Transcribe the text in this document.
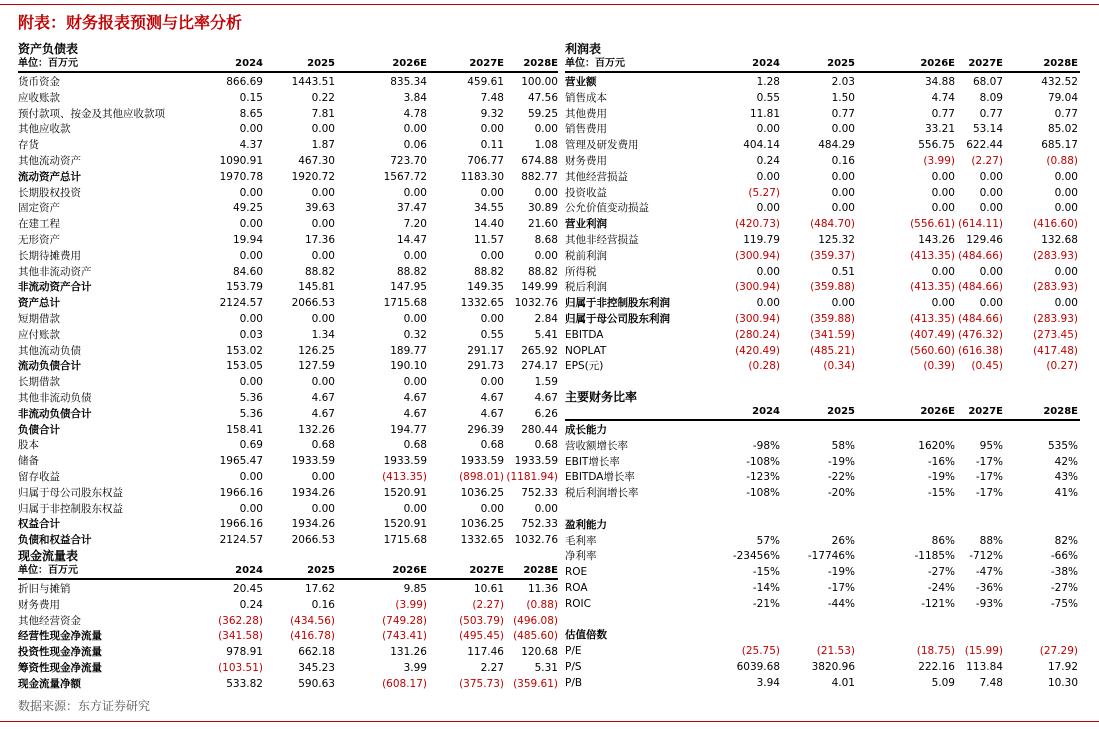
附表：财务报表预测与比率分析
资产负债表
单位：百万元	2024	2025	2026E	2027E 2028E
货币资金	866.69	1443.51	835.34	459.61 100.00
应收账款	0.15	0.22	3.84	7.48 47.56
预付款项、按金及其他应收款项	8.65	7.81	4.78	9.32 59.25
其他应收款	0.00	0.00	0.00	0.00	0.00
存货	4.37	1.87	0.06	0.11	1.08
其他流动资产	1090.91	467.30	723.70	706.77 674.88
流动资产总计	1970.78	1920.72	1567.72	1183.30 882.77
长期股权投资	0.00	0.00	0.00	0.00	0.00
固定资产	49.25	39.63	37.47	34.55 30.89
在建工程	0.00	0.00	7.20	14.40 21.60
无形资产	19.94	17.36	14.47	11.57	8.68
长期待摊费用	0.00	0.00	0.00	0.00	0.00
其他非流动资产	84.60	88.82	88.82	88.82 88.82
非流动资产合计	153.79	145.81	147.95	149.35 149.99
资产总计	2124.57	2066.53	1715.68	1332.65 1032.76
短期借款	0.00	0.00	0.00	0.00	2.84
应付账款	0.03	1.34	0.32	0.55	5.41
其他流动负债	153.02	126.25	189.77	291.17 265.92
流动负债合计	153.05	127.59	190.10	291.73 274.17
长期借款	0.00	0.00	0.00	0.00	1.59
其他非流动负债	5.36	4.67	4.67	4.67	4.67
非流动负债合计	5.36	4.67	4.67	4.67	6.26
负债合计	158.41	132.26	194.77	296.39 280.44
股本	0.69	0.68	0.68	0.68	0.68
储备	1965.47	1933.59	1933.59	1933.59 1933.59
留存收益	0.00	0.00	(413.35)	(898.01) (1181.94)
归属于母公司股东权益	1966.16	1934.26	1520.91	1036.25 752.33
归属于非控制股东权益	0.00	0.00	0.00	0.00	0.00
权益合计	1966.16	1934.26	1520.91	1036.25 752.33
负债和权益合计	2124.57	2066.53	1715.68	1332.65 1032.76
现金流量表
单位：百万元	2024	2025	2026E	2027E 2028E
折旧与摊销	20.45	17.62	9.85	10.61 11.36
财务费用	0.24	0.16	(3.99)	(2.27) (0.88)
其他经营资金	(362.28)	(434.56)	(749.28)	(503.79) (496.08)
经营性现金净流量	(341.58)	(416.78)	(743.41)	(495.45) (485.60)
投资性现金净流量	978.91	662.18	131.26	117.46 120.68
筹资性现金净流量	(103.51)	345.23	3.99	2.27	5.31
现金流量净额	533.82	590.63	(608.17)	(375.73) (359.61)
利润表
单位：百万元	2024	2025	2026E 2027E	2028E
营业额	1.28	2.03	34.88 68.07	432.52
销售成本	0.55	1.50	4.74 8.09	79.04
其他费用	11.81	0.77	0.77 0.77	0.77
销售费用	0.00	0.00	33.21 53.14	85.02
管理及研发费用	404.14	484.29	556.75 622.44	685.17
财务费用	0.24	0.16	(3.99) (2.27)	(0.88)
其他经营损益	0.00	0.00	0.00 0.00	0.00
投资收益	(5.27)	0.00	0.00 0.00	0.00
公允价值变动损益	0.00	0.00	0.00 0.00	0.00
营业利润	(420.73)	(484.70)	(556.61) (614.11)	(416.60)
其他非经营损益	119.79	125.32	143.26 129.46	132.68
税前利润	(300.94)	(359.37)	(413.35) (484.66)	(283.93)
所得税	0.00	0.51	0.00 0.00	0.00
税后利润	(300.94)	(359.88)	(413.35) (484.66)	(283.93)
归属于非控制股东利润	0.00	0.00	0.00 0.00	0.00
归属于母公司股东利润	(300.94)	(359.88)	(413.35) (484.66)	(283.93)
EBITDA	(280.24)	(341.59)	(407.49) (476.32)	(273.45)
NOPLAT	(420.49)	(485.21)	(560.60) (616.38)	(417.48)
EPS(元)	(0.28)	(0.34)	(0.39) (0.45)	(0.27)
主要财务比率
2024	2025	2026E 2027E	2028E
成长能力
营收额增长率	-98%	58%	1620% 95%	535%
EBIT增长率	-108%	-19%	-16% -17%	42%
EBITDA增长率	-123%	-22%	-19% -17%	43%
税后利润增长率	-108%	-20%	-15% -17%	41%
盈利能力
毛利率	57%	26%	86% 88%	82%
净利率	-23456%	-17746%	-1185% -712%	-66%
ROE	-15%	-19%	-27% -47%	-38%
ROA	-14%	-17%	-24% -36%	-27%
ROIC	-21%	-44%	-121% -93%	-75%
估值倍数
P/E	(25.75)	(21.53)	(18.75) (15.99)	(27.29)
P/S	6039.68	3820.96	222.16 113.84	17.92
P/B	3.94	4.01	5.09 7.48	10.30
数据来源：东方证券研究
